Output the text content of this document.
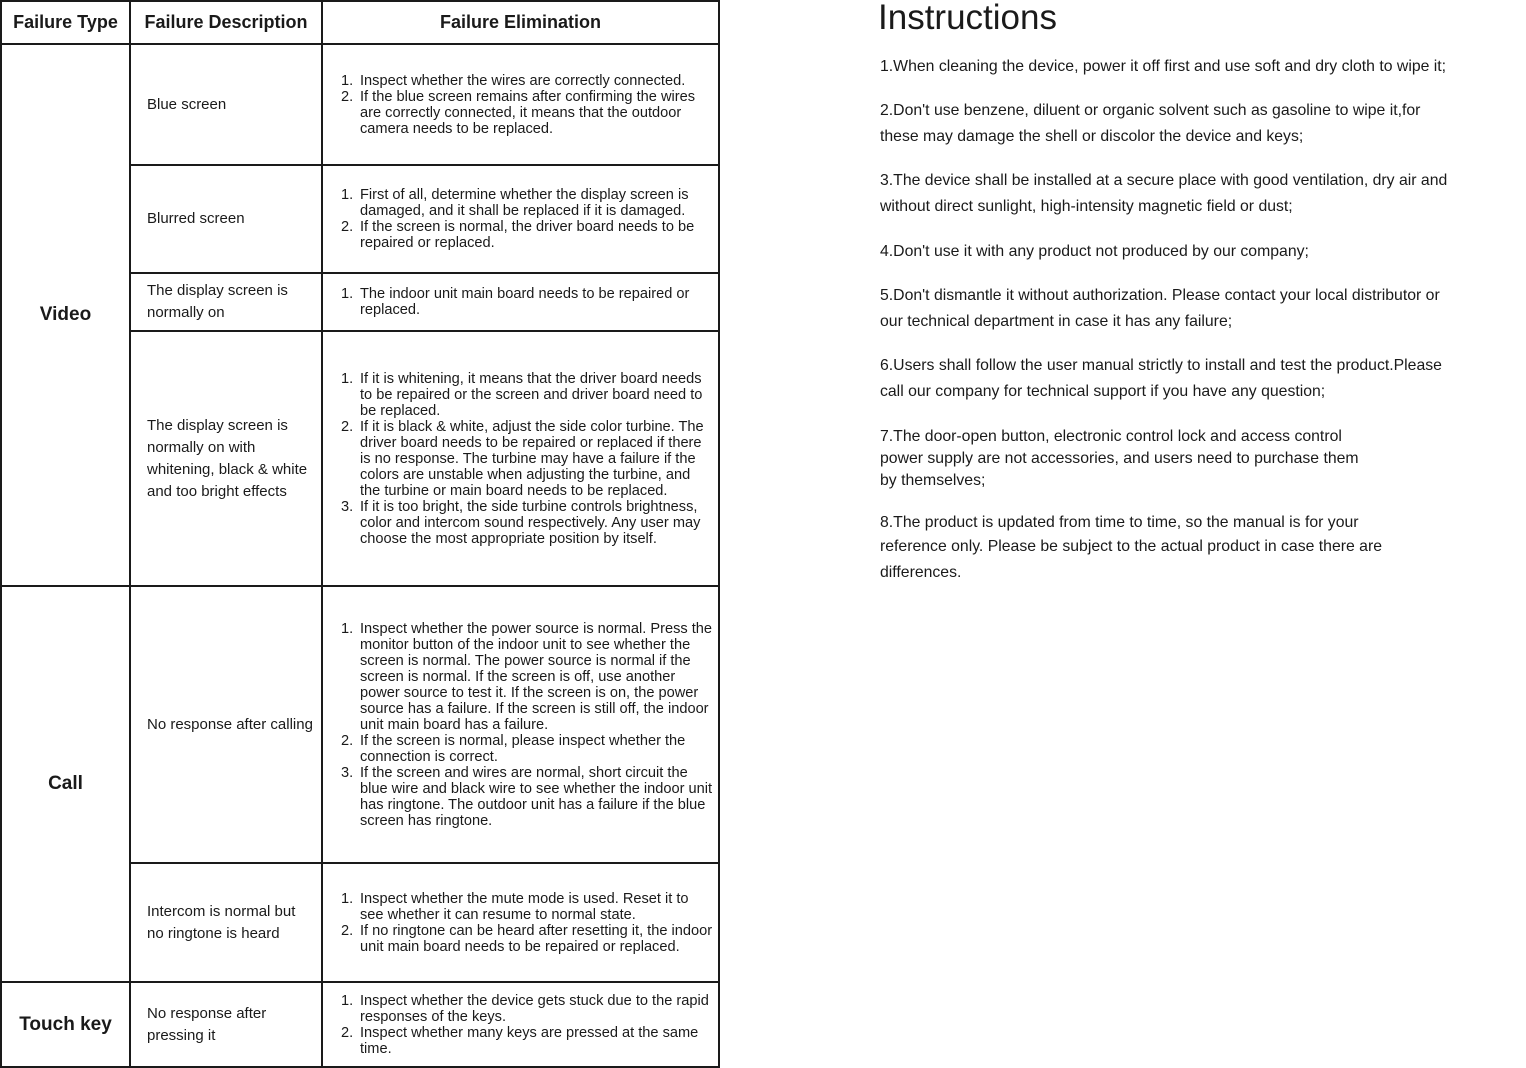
Failure Type	Failure Description	Failure Elimination
Video
Call
Touch key
Blue screen
Blurred screen
The display screen is normally on
The display screen is normally on with whitening, black & white and too bright effects
No response after calling
Intercom is normal but no ringtone is heard
No response after pressing it
1. Inspect whether the wires are correctly connected.
2. If the blue screen remains after confirming the wires are correctly connected, it means that the outdoor camera needs to be replaced.
1. First of all, determine whether the display screen is damaged, and it shall be replaced if it is damaged.
2. If the screen is normal, the driver board needs to be repaired or replaced.
1. The indoor unit main board needs to be repaired or replaced.
1. If it is whitening, it means that the driver board needs to be repaired or the screen and driver board need to be replaced.
2. If it is black & white, adjust the side color turbine. The driver board needs to be repaired or replaced if there is no response. The turbine may have a failure if the colors are unstable when adjusting the turbine, and the turbine or main board needs to be replaced.
3. If it is too bright, the side turbine controls brightness, color and intercom sound respectively. Any user may choose the most appropriate position by itself.
1. Inspect whether the power source is normal. Press the monitor button of the indoor unit to see whether the screen is normal. The power source is normal if the screen is normal. If the screen is off, use another power source to test it. If the screen is on, the power source has a failure. If the screen is still off, the indoor unit main board has a failure.
2. If the screen is normal, please inspect whether the connection is correct.
3. If the screen and wires are normal, short circuit the blue wire and black wire to see whether the indoor unit has ringtone. The outdoor unit has a failure if the blue screen has ringtone.
1. Inspect whether the mute mode is used. Reset it to see whether it can resume to normal state.
2. If no ringtone can be heard after resetting it, the indoor unit main board needs to be repaired or replaced.
1. Inspect whether the device gets stuck due to the rapid responses of the keys.
2. Inspect whether many keys are pressed at the same time.
Instructions
1.When cleaning the device, power it off first and use soft and dry cloth to wipe it;
2.Don't use benzene, diluent or organic solvent such as gasoline to wipe it,for
these may damage the shell or discolor the device and keys;
3.The device shall be installed at a secure place with good ventilation, dry air and
without direct sunlight, high-intensity magnetic field or dust;
4.Don't use it with any product not produced by our company;
5.Don't dismantle it without authorization. Please contact your local distributor or
our technical department in case it has any failure;
6.Users shall follow the user manual strictly to install and test the product.Please
call our company for technical support if you have any question;
7.The door-open button, electronic control lock and access control
power supply are not accessories, and users need to purchase them
by themselves;
8.The product is updated from time to time, so the manual is for your
reference only. Please be subject to the actual product in case there are
differences.
